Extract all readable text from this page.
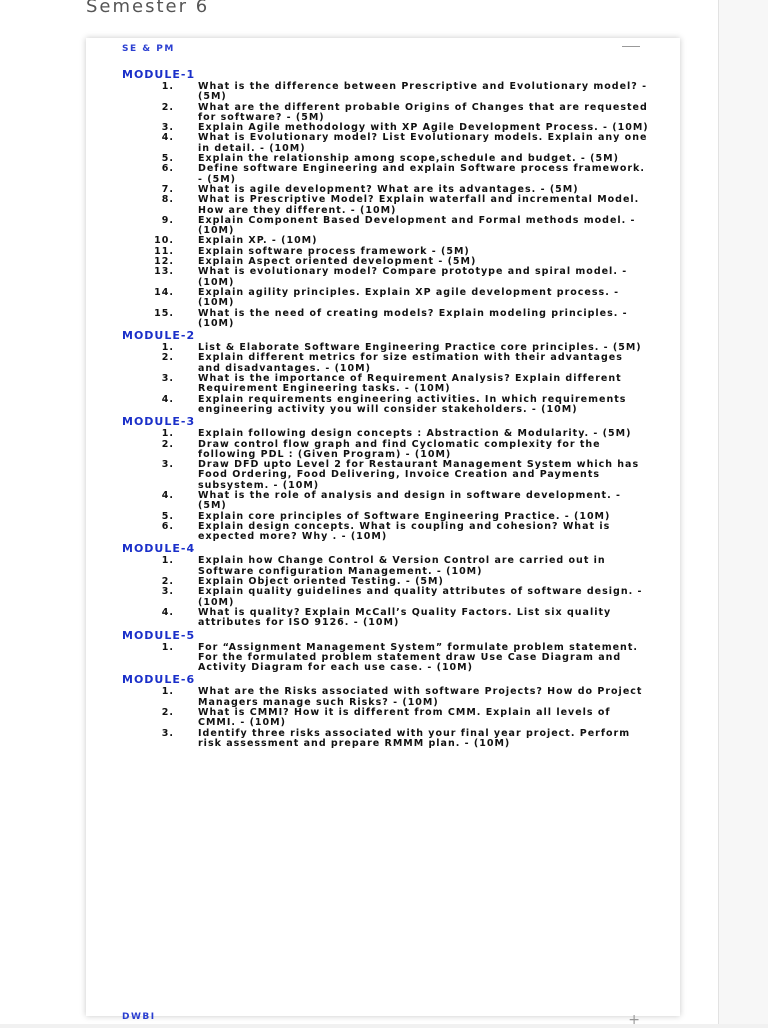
Semester 6
SE & PM
MODULE-1
1.	What is the difference between Prescriptive and Evolutionary model? - (5M)
2.	What are the different probable Origins of Changes that are requested for software? - (5M)
3.	Explain Agile methodology with XP Agile Development Process. - (10M)
4.	What is Evolutionary model? List Evolutionary models. Explain any one in detail. - (10M)
5.	Explain the relationship among scope,schedule and budget. - (5M)
6.	Define software Engineering and explain Software process framework. - (5M)
7.	What is agile development? What are its advantages. - (5M)
8.	What is Prescriptive Model? Explain waterfall and incremental Model. How are they different. - (10M)
9.	Explain Component Based Development and Formal methods model. - (10M)
10.	Explain XP. - (10M)
11.	Explain software process framework - (5M)
12.	Explain Aspect oriented development - (5M)
13.	What is evolutionary model? Compare prototype and spiral model. - (10M)
14.	Explain agility principles. Explain XP agile development process. - (10M)
15.	What is the need of creating models? Explain modeling principles. - (10M)
MODULE-2
1.	List & Elaborate Software Engineering Practice core principles. - (5M)
2.	Explain different metrics for size estimation with their advantages and disadvantages. - (10M)
3.	What is the importance of Requirement Analysis? Explain different Requirement Engineering tasks. - (10M)
4.	Explain requirements engineering activities. In which requirements engineering activity you will consider stakeholders. - (10M)
MODULE-3
1.	Explain following design concepts : Abstraction & Modularity. - (5M)
2.	Draw control flow graph and find Cyclomatic complexity for the following PDL : (Given Program) - (10M)
3.	Draw DFD upto Level 2 for Restaurant Management System which has Food Ordering, Food Delivering, Invoice Creation and Payments subsystem. - (10M)
4.	What is the role of analysis and design in software development. - (5M)
5.	Explain core principles of Software Engineering Practice. - (10M)
6.	Explain design concepts. What is coupling and cohesion? What is expected more? Why . - (10M)
MODULE-4
1.	Explain how Change Control & Version Control are carried out in Software configuration Management. - (10M)
2.	Explain Object oriented Testing. - (5M)
3.	Explain quality guidelines and quality attributes of software design. - (10M)
4.	What is quality? Explain McCall’s Quality Factors. List six quality attributes for ISO 9126. - (10M)
MODULE-5
1.	For “Assignment Management System” formulate problem statement. For the formulated problem statement draw Use Case Diagram and Activity Diagram for each use case. - (10M)
MODULE-6
1.	What are the Risks associated with software Projects? How do Project Managers manage such Risks? - (10M)
2.	What is CMMI? How it is different from CMM. Explain all levels of CMMI. - (10M)
3.	Identify three risks associated with your final year project. Perform risk assessment and prepare RMMM plan. - (10M)
DWBI	+
